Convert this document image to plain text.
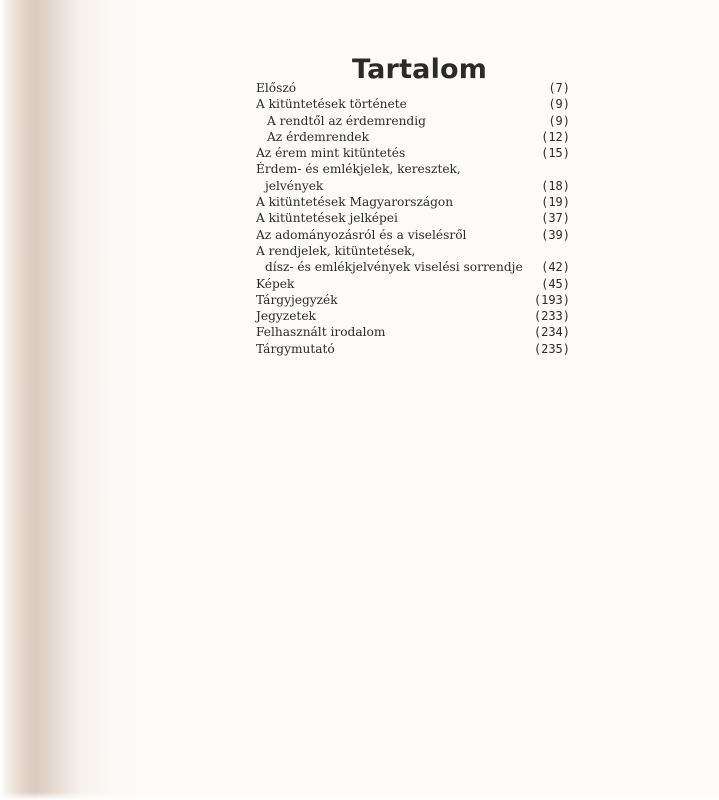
Tartalom
Előszó	(7)
A kitüntetések története	(9)
A rendtől az érdemrendig	(9)
Az érdemrendek	(12)
Az érem mint kitüntetés	(15)
Érdem- és emlékjelek, keresztek,
jelvények	(18)
A kitüntetések Magyarországon	(19)
A kitüntetések jelképei	(37)
Az adományozásról és a viselésről	(39)
A rendjelek, kitüntetések,
dísz- és emlékjelvények viselési sorrendje	(42)
Képek	(45)
Tárgyjegyzék	(193)
Jegyzetek	(233)
Felhasznált irodalom	(234)
Tárgymutató	(235)
